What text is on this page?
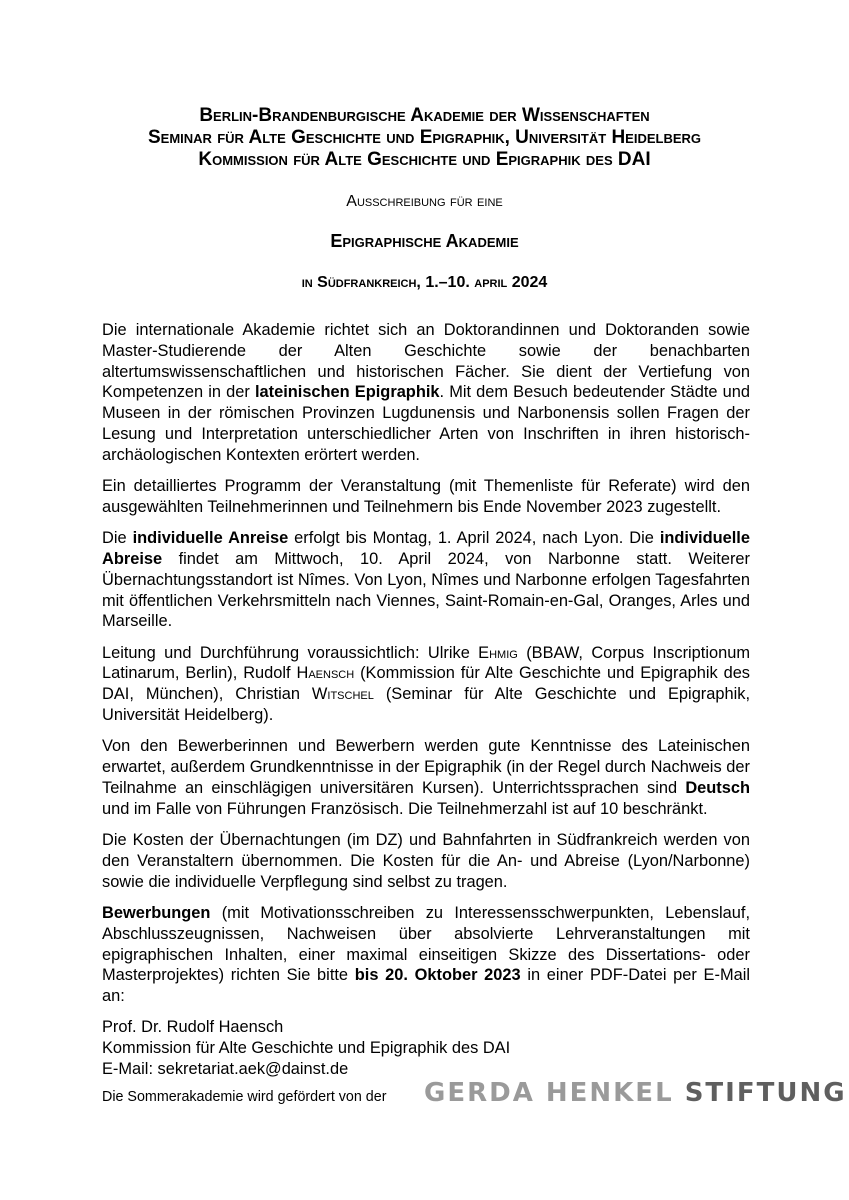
Berlin-Brandenburgische Akademie der Wissenschaften

Seminar für Alte Geschichte und Epigraphik, Universität Heidelberg

Kommission für Alte Geschichte und Epigraphik des DAI

Ausschreibung für eine
Epigraphische Akademie
in Südfrankreich, 1.–10. april 2024

Die internationale Akademie richtet sich an Doktorandinnen und Doktoranden sowie Master-Studierende der Alten Geschichte sowie der benachbarten altertumswissenschaftlichen und historischen Fächer. Sie dient der Vertiefung von Kompetenzen in der lateinischen Epigraphik. Mit dem Besuch bedeutender Städte und Museen in der römischen Provinzen Lugdunensis und Narbonensis sollen Fragen der Lesung und Interpretation unterschiedlicher Arten von Inschriften in ihren historisch-archäologischen Kontexten erörtert werden.

Ein detailliertes Programm der Veranstaltung (mit Themenliste für Referate) wird den ausgewählten Teilnehmerinnen und Teilnehmern bis Ende November 2023 zugestellt.

Die individuelle Anreise erfolgt bis Montag, 1. April 2024, nach Lyon. Die individuelle Abreise findet am Mittwoch, 10. April 2024, von Narbonne statt. Weiterer Übernachtungsstandort ist Nîmes. Von Lyon, Nîmes und Narbonne erfolgen Tagesfahrten mit öffentlichen Verkehrsmitteln nach Viennes, Saint-Romain-en-Gal, Oranges, Arles und Marseille.

Leitung und Durchführung voraussichtlich: Ulrike Ehmig (BBAW, Corpus Inscriptionum Latinarum, Berlin), Rudolf Haensch (Kommission für Alte Geschichte und Epigraphik des DAI, München), Christian Witschel (Seminar für Alte Geschichte und Epigraphik, Universität Heidelberg).

Von den Bewerberinnen und Bewerbern werden gute Kenntnisse des Lateinischen erwartet, außerdem Grundkenntnisse in der Epigraphik (in der Regel durch Nachweis der Teilnahme an einschlägigen universitären Kursen). Unterrichtssprachen sind Deutsch und im Falle von Führungen Französisch. Die Teilnehmerzahl ist auf 10 beschränkt.

Die Kosten der Übernachtungen (im DZ) und Bahnfahrten in Südfrankreich werden von den Veranstaltern übernommen. Die Kosten für die An- und Abreise (Lyon/Narbonne) sowie die individuelle Verpflegung sind selbst zu tragen.

Bewerbungen (mit Motivationsschreiben zu Interessensschwerpunkten, Lebenslauf, Abschlusszeugnissen, Nachweisen über absolvierte Lehrveranstaltungen mit epigraphischen Inhalten, einer maximal einseitigen Skizze des Dissertations- oder Masterprojektes) richten Sie bitte bis 20. Oktober 2023 in einer PDF-Datei per E-Mail an:

Prof. Dr. Rudolf Haensch
Kommission für Alte Geschichte und Epigraphik des DAI
E-Mail: sekretariat.aek@dainst.de
Die Sommerakademie wird gefördert von der GERDA HENKEL STIFTUNG
